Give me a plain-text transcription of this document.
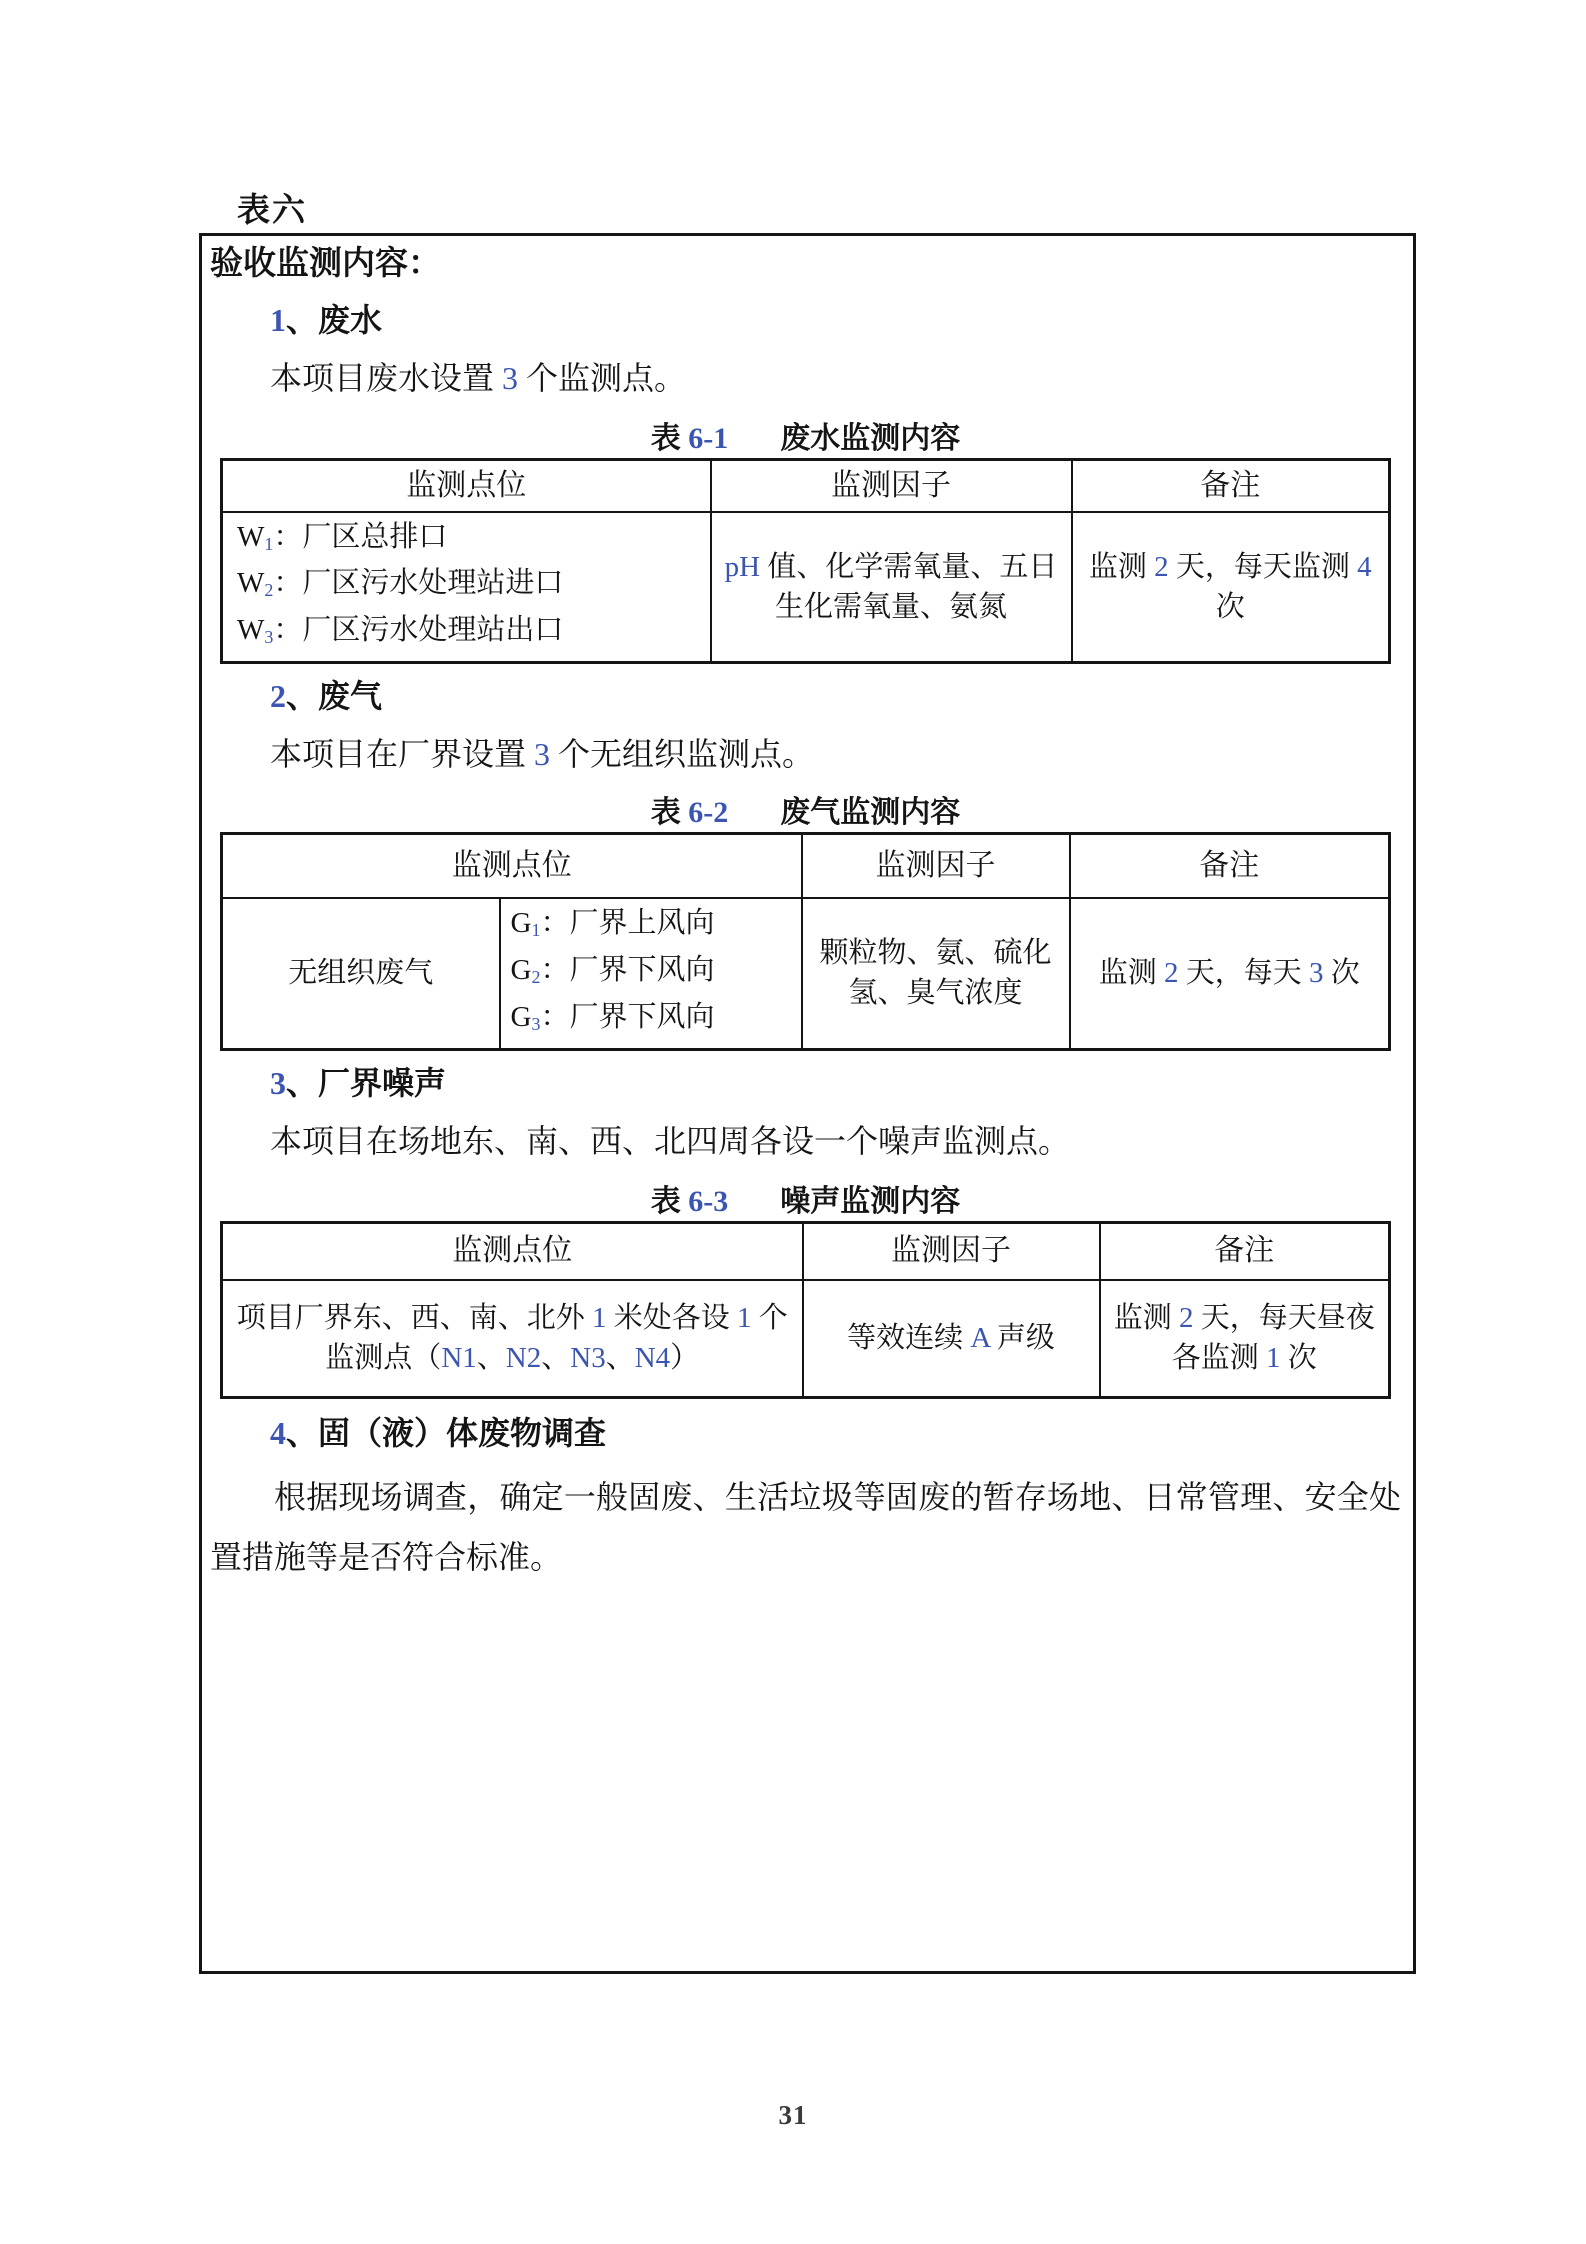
表六
验收监测内容：
1、废水
本项目废水设置 3 个监测点。
表 6-1 废水监测内容
监测点位	监测因子	备注

$W_1$：厂区总排口
$W_2$：厂区污水处理站进口
$W_3$：厂区污水处理站出口	pH 值、化学需氧量、五日生化需氧量、氨氮	监测 2 天，每天监测 4 次
2、废气
本项目在厂界设置 3 个无组织监测点。
表 6-2 废气监测内容
监测点位		监测因子	备注
无组织废气	$G_1$：厂界上风向
$G_2$：厂界下风向
$G_3$：厂界下风向	颗粒物、氨、硫化氢、臭气浓度	监测 2 天，每天 3 次
3、厂界噪声
本项目在场地东、南、西、北四周各设一个噪声监测点。
表 6-3 噪声监测内容
监测点位	监测因子	备注
项目厂界东、西、南、北外 1 米处各设 1 个监测点（N1、N2、N3、N4）	等效连续 A 声级	监测 2 天，每天昼夜各监测 1 次
4、固（液）体废物调查
根据现场调查，确定一般固废、生活垃圾等固废的暂存场地、日常管理、安全处置措施等是否符合标准。
31
